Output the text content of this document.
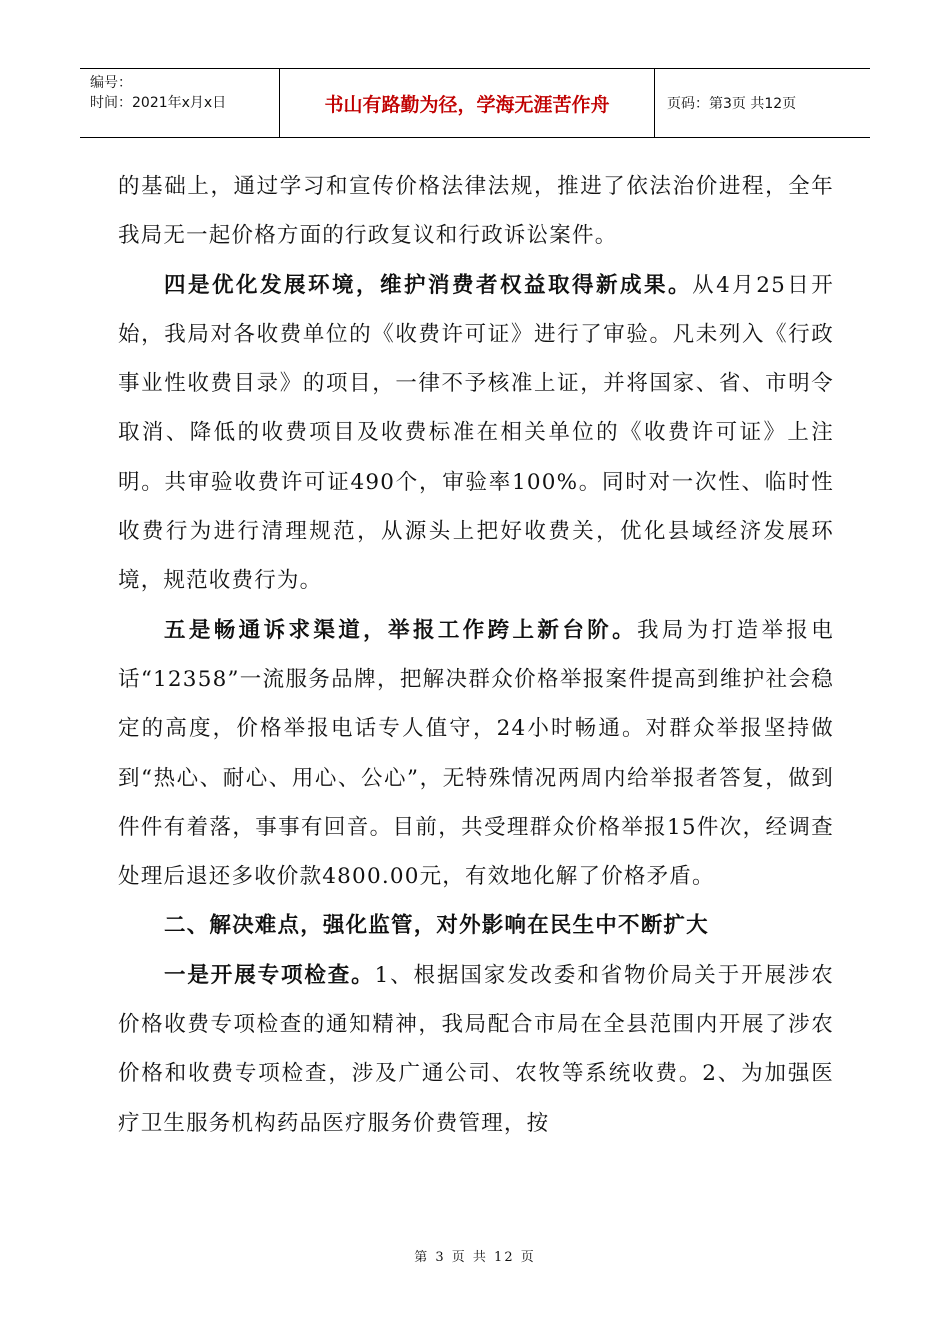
编号：
时间：2021年x月x日	书山有路勤为径，学海无涯苦作舟	页码：第3页 共12页

的基础上，通过学习和宣传价格法律法规，推进了依法治价进程，全年我局无一起价格方面的行政复议和行政诉讼案件。

四是优化发展环境，维护消费者权益取得新成果。从4月25日开始，我局对各收费单位的《收费许可证》进行了审验。凡未列入《行政事业性收费目录》的项目，一律不予核准上证，并将国家、省、市明令取消、降低的收费项目及收费标准在相关单位的《收费许可证》上注明。共审验收费许可证490个，审验率100%。同时对一次性、临时性收费行为进行清理规范，从源头上把好收费关，优化县域经济发展环境，规范收费行为。

五是畅通诉求渠道，举报工作跨上新台阶。我局为打造举报电话“12358”一流服务品牌，把解决群众价格举报案件提高到维护社会稳定的高度，价格举报电话专人值守，24小时畅通。对群众举报坚持做到“热心、耐心、用心、公心”，无特殊情况两周内给举报者答复，做到件件有着落，事事有回音。目前，共受理群众价格举报15件次，经调查处理后退还多收价款4800.00元，有效地化解了价格矛盾。

二、解决难点，强化监管，对外影响在民生中不断扩大

一是开展专项检查。1、根据国家发改委和省物价局关于开展涉农价格收费专项检查的通知精神，我局配合市局在全县范围内开展了涉农价格和收费专项检查，涉及广通公司、农牧等系统收费。2、为加强医疗卫生服务机构药品医疗服务价费管理，按

第 3 页 共 12 页
